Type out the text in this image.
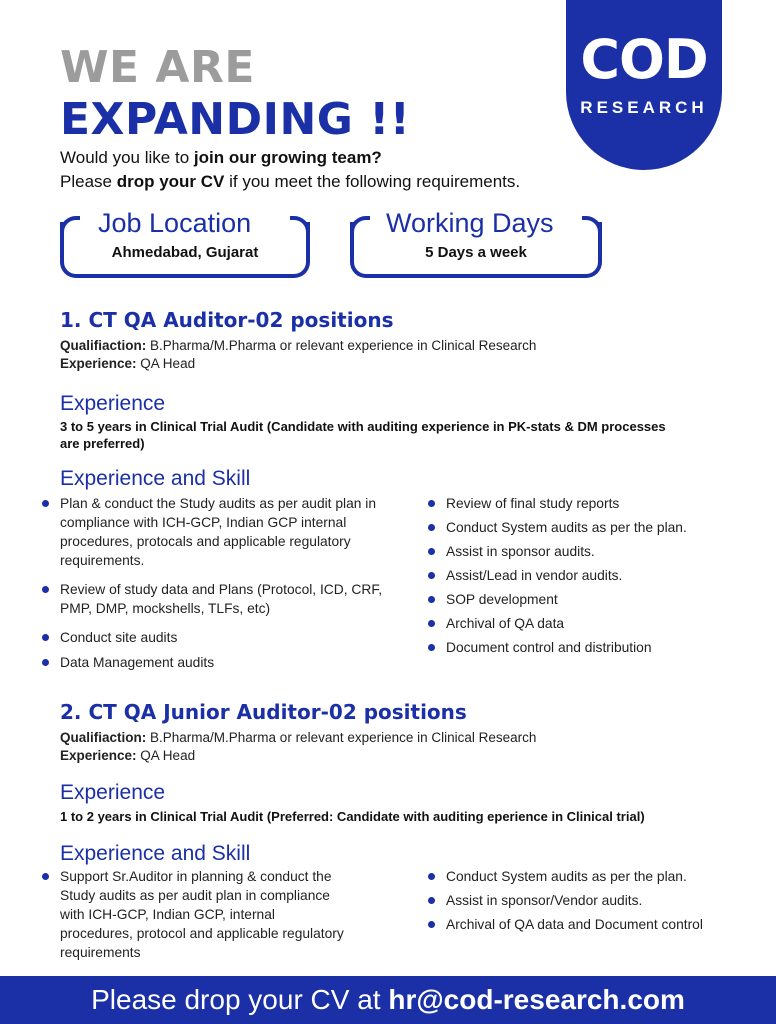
WE ARE
EXPANDING !!
COD
RESEARCH
Would you like to join our growing team?
Please drop your CV if you meet the following requirements.
Job Location
Ahmedabad, Gujarat
Working Days
5 Days a week
1. CT QA Auditor-02 positions
Qualifiaction: B.Pharma/M.Pharma or relevant experience in Clinical Research
Experience: QA Head
Experience
3 to 5 years in Clinical Trial Audit (Candidate with auditing experience in PK-stats & DM processes are preferred)
Experience and Skill
Plan & conduct the Study audits as per audit plan in compliance with ICH-GCP, Indian GCP internal procedures, protocals and applicable regulatory requirements.
Review of study data and Plans (Protocol, ICD, CRF, PMP, DMP, mockshells, TLFs, etc)
Conduct site audits
Data Management audits
Review of final study reports
Conduct System audits as per the plan.
Assist in sponsor audits.
Assist/Lead in vendor audits.
SOP development
Archival of QA data
Document control and distribution
2. CT QA Junior Auditor-02 positions
Qualifiaction: B.Pharma/M.Pharma or relevant experience in Clinical Research
Experience: QA Head
Experience
1 to 2 years in Clinical Trial Audit (Preferred: Candidate with auditing eperience in Clinical trial)
Experience and Skill
Support Sr.Auditor in planning & conduct the Study audits as per audit plan in compliance with ICH-GCP, Indian GCP, internal procedures, protocol and applicable regulatory requirements
Conduct System audits as per the plan.
Assist in sponsor/Vendor audits.
Archival of QA data and Document control
Please drop your CV at hr@cod-research.com
